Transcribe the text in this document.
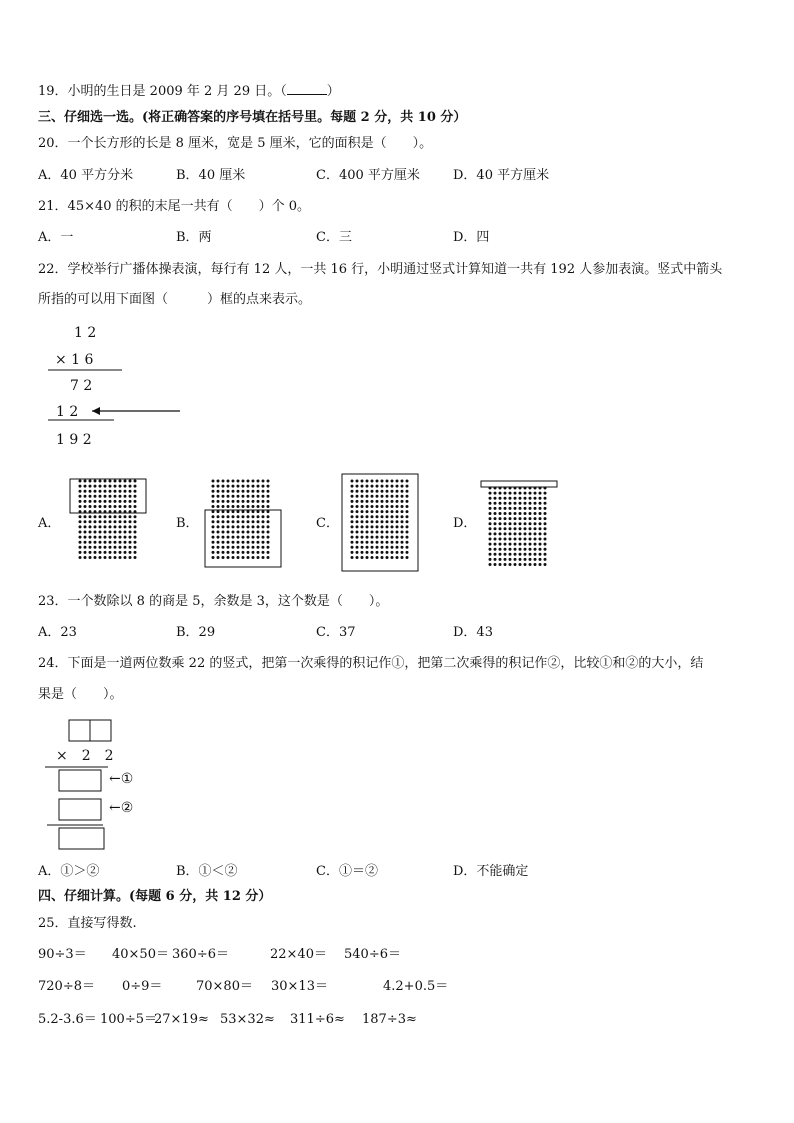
19．小明的生日是 2009 年 2 月 29 日。（	）
三、仔细选一选。(将正确答案的序号填在括号里。每题 2 分，共 10 分）
20．一个长方形的长是 8 厘米，宽是 5 厘米，它的面积是（　　）。
A．40 平方分米	B．40 厘米	C．400 平方厘米	D．40 平方厘米
21．45×40 的积的末尾一共有（　　）个 0。
A．一	B．两	C．三	D．四
22．学校举行广播体操表演，每行有 12 人，一共 16 行，小明通过竖式计算知道一共有 192 人参加表演。竖式中箭头
所指的可以用下面图（　　　）框的点来表示。
1 2
× 1 6
7 2
1 2
1 9 2
A．	B．	C．	D．
23．一个数除以 8 的商是 5，余数是 3，这个数是（　　）。
A．23	B．29	C．37	D．43
24．下面是一道两位数乘 22 的竖式，把第一次乘得的积记作①，把第二次乘得的积记作②，比较①和②的大小，结
果是（　　）。
×　2　2
←①
←②
A．①＞②	B．①＜②	C．①＝②	D．不能确定
四、仔细计算。(每题 6 分，共 12 分）
25．直接写得数.
90÷3＝ 40×50＝ 360÷6＝	22×40＝ 540÷6＝
720÷8＝ 0÷9＝	70×80＝ 30×13＝	4.2+0.5＝
5.2-3.6＝ 100÷5＝
27×19≈ 53×32≈ 311÷6≈ 187÷3≈
